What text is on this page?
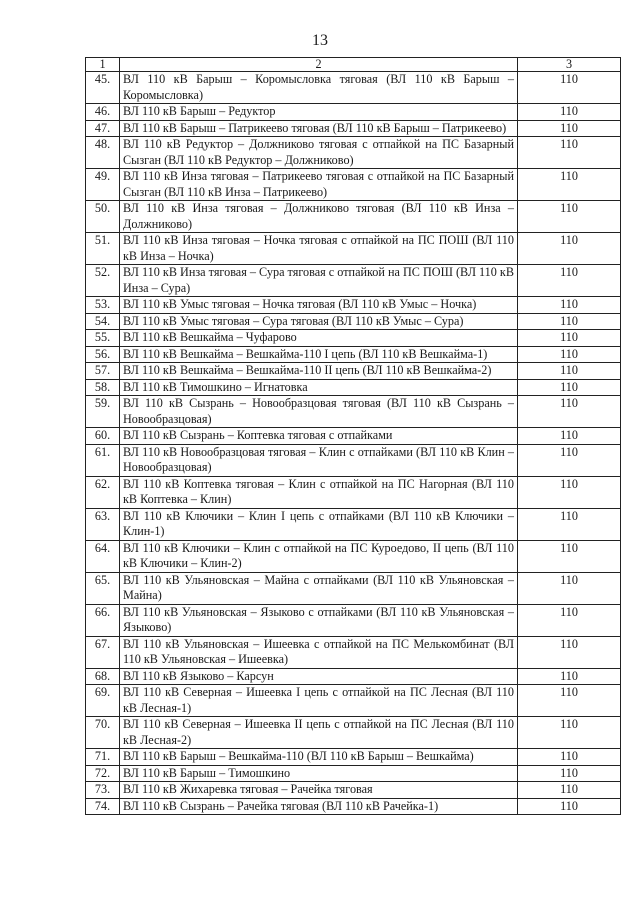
13
1	2	3
45.	ВЛ 110 кВ Барыш – Коромысловка тяговая (ВЛ 110 кВ Барыш – Коромысловка)	110
46.	ВЛ 110 кВ Барыш – Редуктор	110
47.	ВЛ 110 кВ Барыш – Патрикеево тяговая (ВЛ 110 кВ Барыш – Патрикеево)	110
48.	ВЛ 110 кВ Редуктор – Должниково тяговая с отпайкой на ПС Базарный Сызган (ВЛ 110 кВ Редуктор – Должниково)	110
49.	ВЛ 110 кВ Инза тяговая – Патрикеево тяговая с отпайкой на ПС Базарный Сызган (ВЛ 110 кВ Инза – Патрикеево)	110
50.	ВЛ 110 кВ Инза тяговая – Должниково тяговая (ВЛ 110 кВ Инза – Должниково)	110
51.	ВЛ 110 кВ Инза тяговая – Ночка тяговая с отпайкой на ПС ПОШ (ВЛ 110 кВ Инза – Ночка)	110
52.	ВЛ 110 кВ Инза тяговая – Сура тяговая с отпайкой на ПС ПОШ (ВЛ 110 кВ Инза – Сура)	110
53.	ВЛ 110 кВ Умыс тяговая – Ночка тяговая (ВЛ 110 кВ Умыс – Ночка)	110
54.	ВЛ 110 кВ Умыс тяговая – Сура тяговая (ВЛ 110 кВ Умыс – Сура)	110
55.	ВЛ 110 кВ Вешкайма – Чуфарово	110
56.	ВЛ 110 кВ Вешкайма – Вешкайма-110 I цепь (ВЛ 110 кВ Вешкайма-1)	110
57.	ВЛ 110 кВ Вешкайма – Вешкайма-110 II цепь (ВЛ 110 кВ Вешкайма-2)	110
58.	ВЛ 110 кВ Тимошкино – Игнатовка	110
59.	ВЛ 110 кВ Сызрань – Новообразцовая тяговая (ВЛ 110 кВ Сызрань – Новообразцовая)	110
60.	ВЛ 110 кВ Сызрань – Коптевка тяговая с отпайками	110
61.	ВЛ 110 кВ Новообразцовая тяговая – Клин с отпайками (ВЛ 110 кВ Клин – Новообразцовая)	110
62.	ВЛ 110 кВ Коптевка тяговая – Клин с отпайкой на ПС Нагорная (ВЛ 110 кВ Коптевка – Клин)	110
63.	ВЛ 110 кВ Ключики – Клин I цепь с отпайками (ВЛ 110 кВ Ключики – Клин-1)	110
64.	ВЛ 110 кВ Ключики – Клин с отпайкой на ПС Куроедово, II цепь (ВЛ 110 кВ Ключики – Клин-2)	110
65.	ВЛ 110 кВ Ульяновская – Майна с отпайками (ВЛ 110 кВ Ульяновская – Майна)	110
66.	ВЛ 110 кВ Ульяновская – Языково с отпайками (ВЛ 110 кВ Ульяновская – Языково)	110
67.	ВЛ 110 кВ Ульяновская – Ишеевка с отпайкой на ПС Мелькомбинат (ВЛ 110 кВ Ульяновская – Ишеевка)	110
68.	ВЛ 110 кВ Языково – Карсун	110
69.	ВЛ 110 кВ Северная – Ишеевка I цепь с отпайкой на ПС Лесная (ВЛ 110 кВ Лесная-1)	110
70.	ВЛ 110 кВ Северная – Ишеевка II цепь с отпайкой на ПС Лесная (ВЛ 110 кВ Лесная-2)	110
71.	ВЛ 110 кВ Барыш – Вешкайма-110 (ВЛ 110 кВ Барыш – Вешкайма)	110
72.	ВЛ 110 кВ Барыш – Тимошкино	110
73.	ВЛ 110 кВ Жихаревка тяговая – Рачейка тяговая	110
74.	ВЛ 110 кВ Сызрань – Рачейка тяговая (ВЛ 110 кВ Рачейка-1)	110
